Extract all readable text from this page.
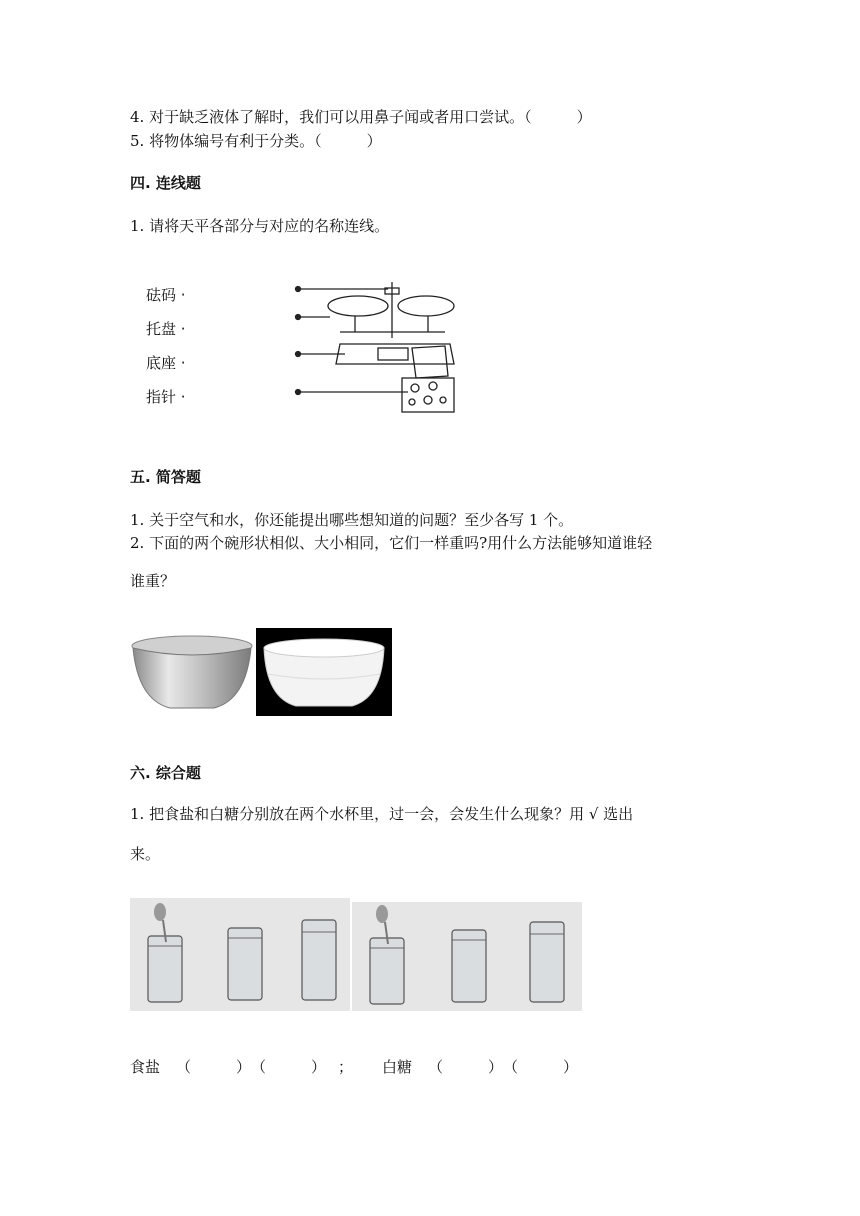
4. 对于缺乏液体了解时，我们可以用鼻子闻或者用口尝试。（　　　）
5. 将物体编号有利于分类。（　　　）
四. 连线题
1. 请将天平各部分与对应的名称连线。
砝码 ·
托盘 ·
底座 ·
指针 ·
五. 简答题
1. 关于空气和水，你还能提出哪些想知道的问题？至少各写 1 个。
2. 下面的两个碗形状相似、大小相同，它们一样重吗?用什么方法能够知道谁轻
谁重？
六. 综合题
1. 把食盐和白糖分别放在两个水杯里，过一会，会发生什么现象？用 √ 选出
来。
食盐 （　　　）　（　　　） ； 白糖 （　　　）　（　　　）
